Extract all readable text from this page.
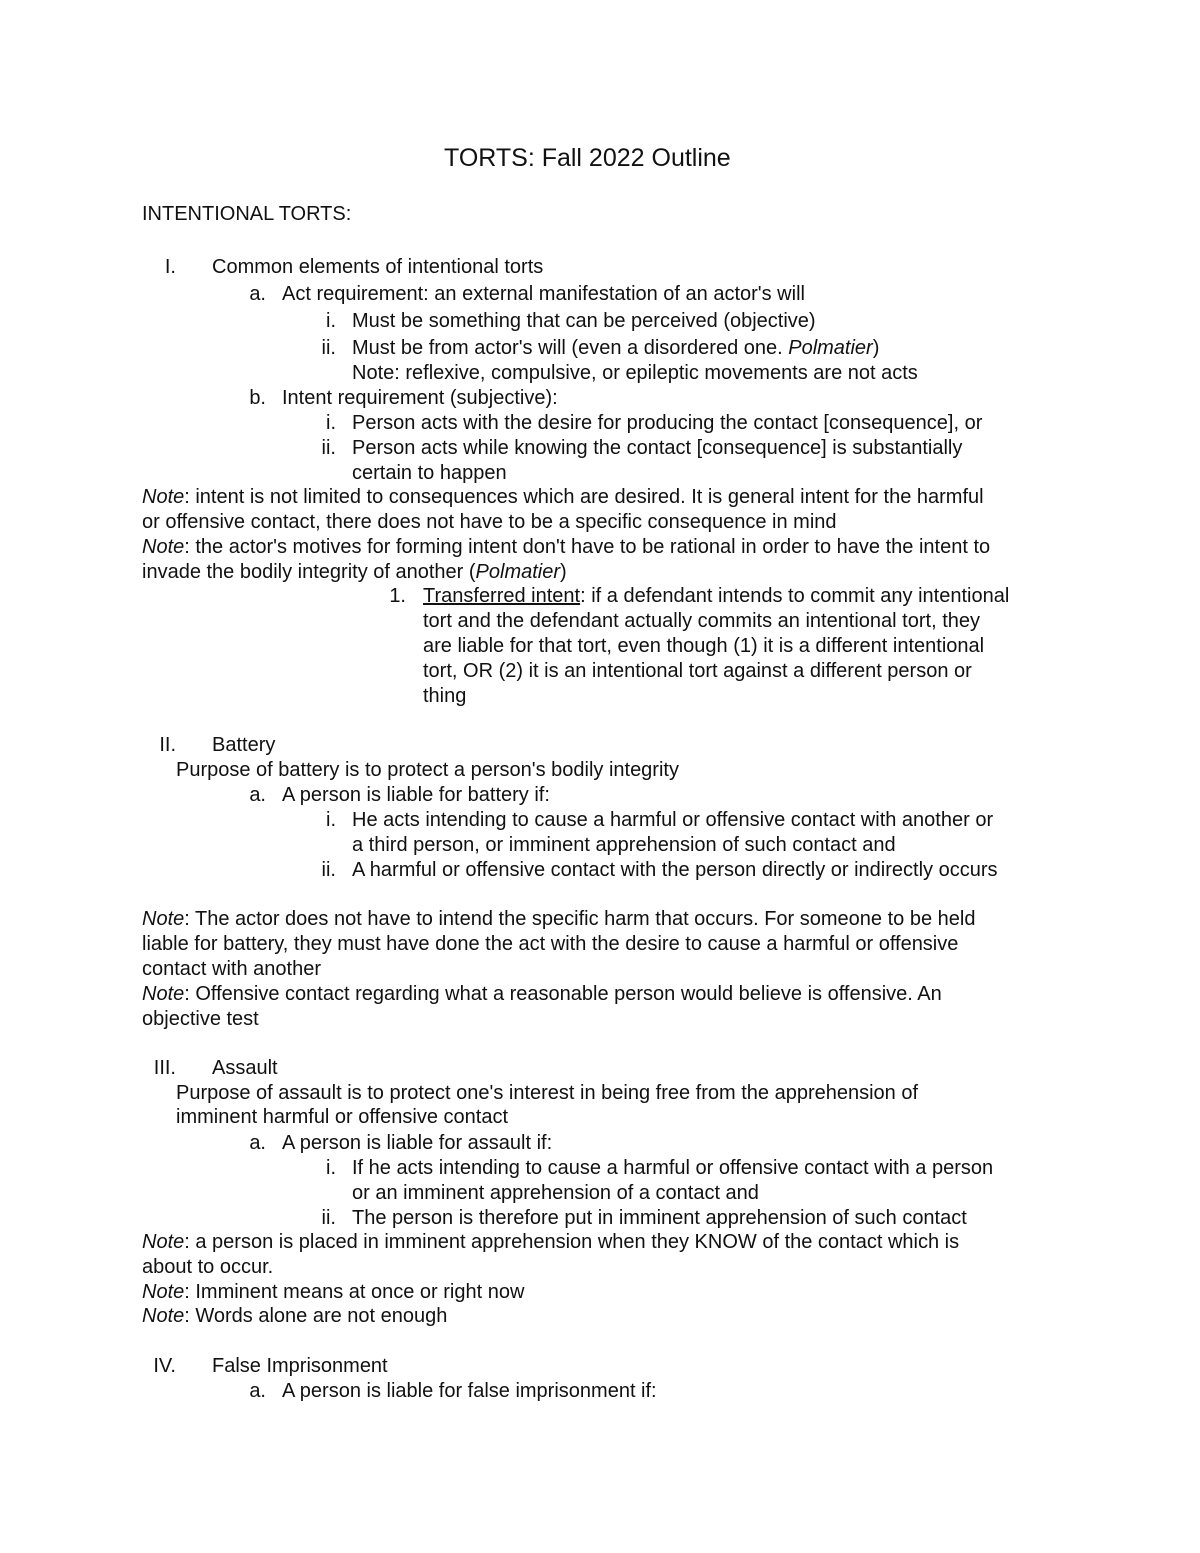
TORTS: Fall 2022 Outline
INTENTIONAL TORTS:
I. Common elements of intentional torts
a. Act requirement: an external manifestation of an actor's will
i. Must be something that can be perceived (objective)
ii. Must be from actor's will (even a disordered one. Polmatier)
Note: reflexive, compulsive, or epileptic movements are not acts
b. Intent requirement (subjective):
i. Person acts with the desire for producing the contact [consequence], or
ii. Person acts while knowing the contact [consequence] is substantially
certain to happen
Note: intent is not limited to consequences which are desired. It is general intent for the harmful
or offensive contact, there does not have to be a specific consequence in mind
Note: the actor's motives for forming intent don't have to be rational in order to have the intent to
invade the bodily integrity of another (Polmatier)
1. Transferred intent: if a defendant intends to commit any intentional
tort and the defendant actually commits an intentional tort, they
are liable for that tort, even though (1) it is a different intentional
tort, OR (2) it is an intentional tort against a different person or
thing
II. Battery
Purpose of battery is to protect a person's bodily integrity
a. A person is liable for battery if:
i. He acts intending to cause a harmful or offensive contact with another or
a third person, or imminent apprehension of such contact and
ii. A harmful or offensive contact with the person directly or indirectly occurs
Note: The actor does not have to intend the specific harm that occurs. For someone to be held
liable for battery, they must have done the act with the desire to cause a harmful or offensive
contact with another
Note: Offensive contact regarding what a reasonable person would believe is offensive. An
objective test
III. Assault
Purpose of assault is to protect one's interest in being free from the apprehension of
imminent harmful or offensive contact
a. A person is liable for assault if:
i. If he acts intending to cause a harmful or offensive contact with a person
or an imminent apprehension of a contact and
ii. The person is therefore put in imminent apprehension of such contact
Note: a person is placed in imminent apprehension when they KNOW of the contact which is
about to occur.
Note: Imminent means at once or right now
Note: Words alone are not enough
IV. False Imprisonment
a. A person is liable for false imprisonment if:
